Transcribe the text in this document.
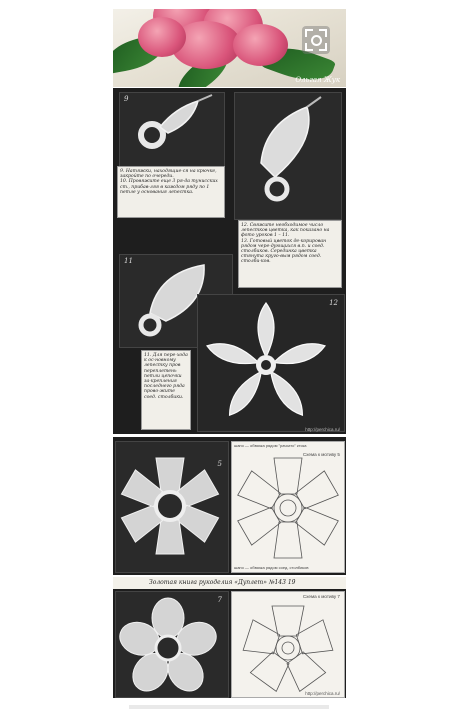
Ольгая Жук
9
9. Натяжки, находящие-ся на крючке, закройте по очереди.
10. Провяжите еще 3 ря-да тунисских ст., прибав-ляя в каждом ряду по 1 петле у основания лепестка.
12. Свяжите необходимое число лепестков цветка, как показано на фото уроков 1 – 11.
13. Готовый цветок де-корирован рядом чере-дующихся в.п. и соед. столбиков. Серединка цветка стянута круго-вым рядом соед. столби-ков.
11
11. Для пере-хода к ос-новному лепестку пров переплетень петли цепочки за-крепления последнего ряда прово-жите соед. столбики.
12
http://perchica.ru/
5
шапо — обвязка рядом "рачьего" ктска
Схема к мотиву 5
шапо — обвязка рядом соед. столбиков
Золотая книга рукоделия «Дуплет» №143 19
7	Схема к мотиву 7
http://perchica.ru/
